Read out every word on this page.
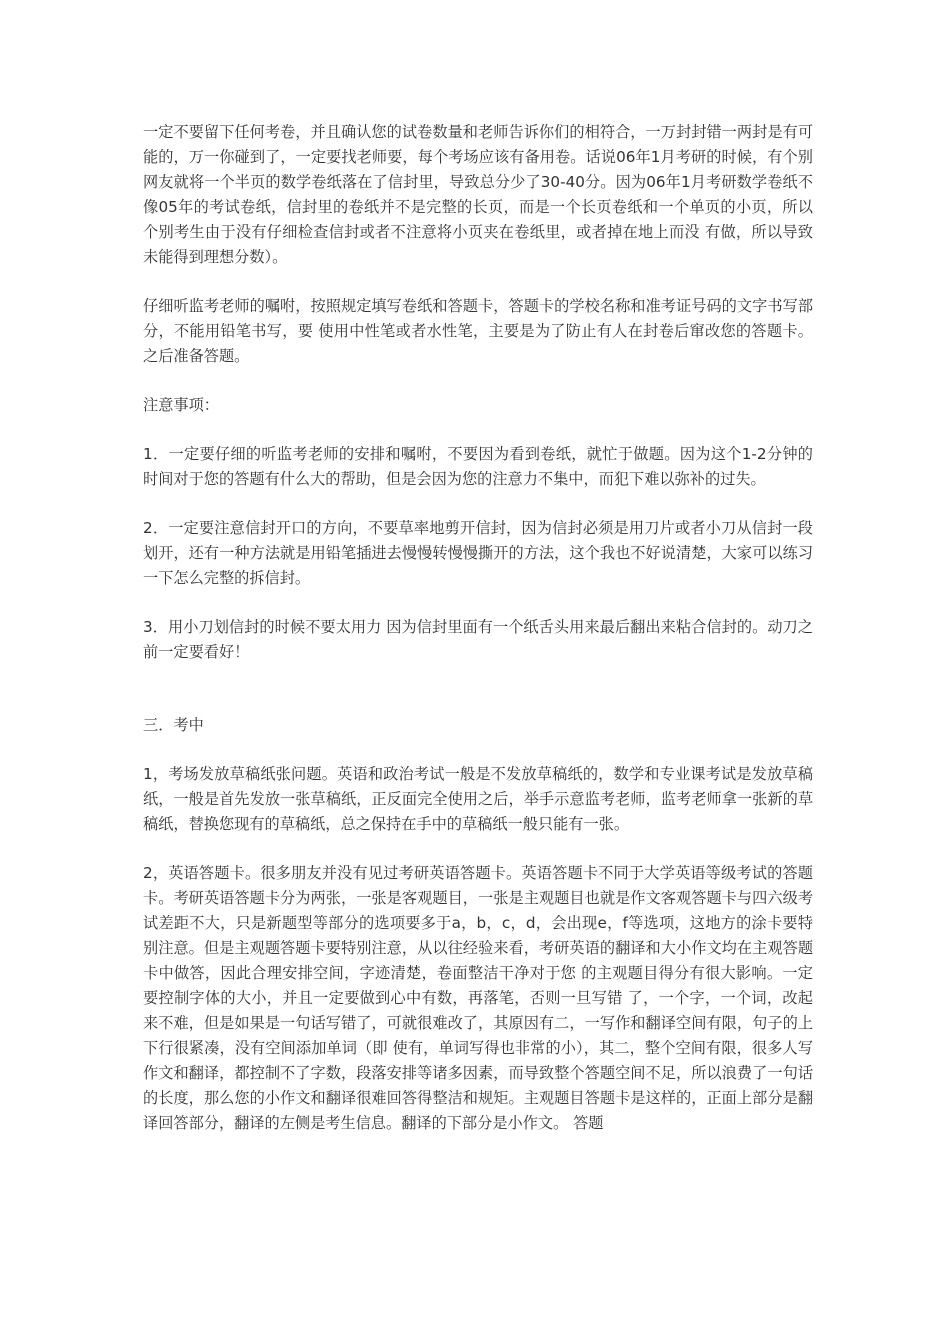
一定不要留下任何考卷，并且确认您的试卷数量和老师告诉你们的相符合，一万封封错一两封是有可能的，万一你碰到了，一定要找老师要，每个考场应该有备用卷。话说06年1月考研的时候，有个别网友就将一个半页的数学卷纸落在了信封里，导致总分少了30-40分。因为06年1月考研数学卷纸不像05年的考试卷纸，信封里的卷纸并不是完整的长页，而是一个长页卷纸和一个单页的小页，所以个别考生由于没有仔细检查信封或者不注意将小页夹在卷纸里，或者掉在地上而没 有做，所以导致未能得到理想分数）。

仔细听监考老师的嘱咐，按照规定填写卷纸和答题卡，答题卡的学校名称和准考证号码的文字书写部分，不能用铅笔书写，要 使用中性笔或者水性笔，主要是为了防止有人在封卷后窜改您的答题卡。之后准备答题。

注意事项：

1．一定要仔细的听监考老师的安排和嘱咐，不要因为看到卷纸，就忙于做题。因为这个1-2分钟的时间对于您的答题有什么大的帮助，但是会因为您的注意力不集中，而犯下难以弥补的过失。

2．一定要注意信封开口的方向，不要草率地剪开信封，因为信封必须是用刀片或者小刀从信封一段划开，还有一种方法就是用铅笔插进去慢慢转慢慢撕开的方法，这个我也不好说清楚，大家可以练习一下怎么完整的拆信封。

3．用小刀划信封的时候不要太用力 因为信封里面有一个纸舌头用来最后翻出来粘合信封的。动刀之前一定要看好！

三．考中

1，考场发放草稿纸张问题。英语和政治考试一般是不发放草稿纸的，数学和专业课考试是发放草稿纸，一般是首先发放一张草稿纸，正反面完全使用之后，举手示意监考老师，监考老师拿一张新的草稿纸，替换您现有的草稿纸，总之保持在手中的草稿纸一般只能有一张。

2，英语答题卡。很多朋友并没有见过考研英语答题卡。英语答题卡不同于大学英语等级考试的答题卡。考研英语答题卡分为两张，一张是客观题目，一张是主观题目也就是作文客观答题卡与四六级考试差距不大，只是新题型等部分的选项要多于a，b，c，d，会出现e，f等选项，这地方的涂卡要特别注意。但是主观题答题卡要特别注意，从以往经验来看，考研英语的翻译和大小作文均在主观答题卡中做答，因此合理安排空间，字迹清楚，卷面整洁干净对于您 的主观题目得分有很大影响。一定要控制字体的大小，并且一定要做到心中有数，再落笔，否则一旦写错 了，一个字，一个词，改起来不难，但是如果是一句话写错了，可就很难改了，其原因有二，一写作和翻译空间有限，句子的上下行很紧凑，没有空间添加单词（即 使有，单词写得也非常的小），其二，整个空间有限，很多人写作文和翻译，都控制不了字数，段落安排等诸多因素，而导致整个答题空间不足，所以浪费了一句话的长度，那么您的小作文和翻译很难回答得整洁和规矩。主观题目答题卡是这样的，正面上部分是翻译回答部分，翻译的左侧是考生信息。翻译的下部分是小作文。 答题
